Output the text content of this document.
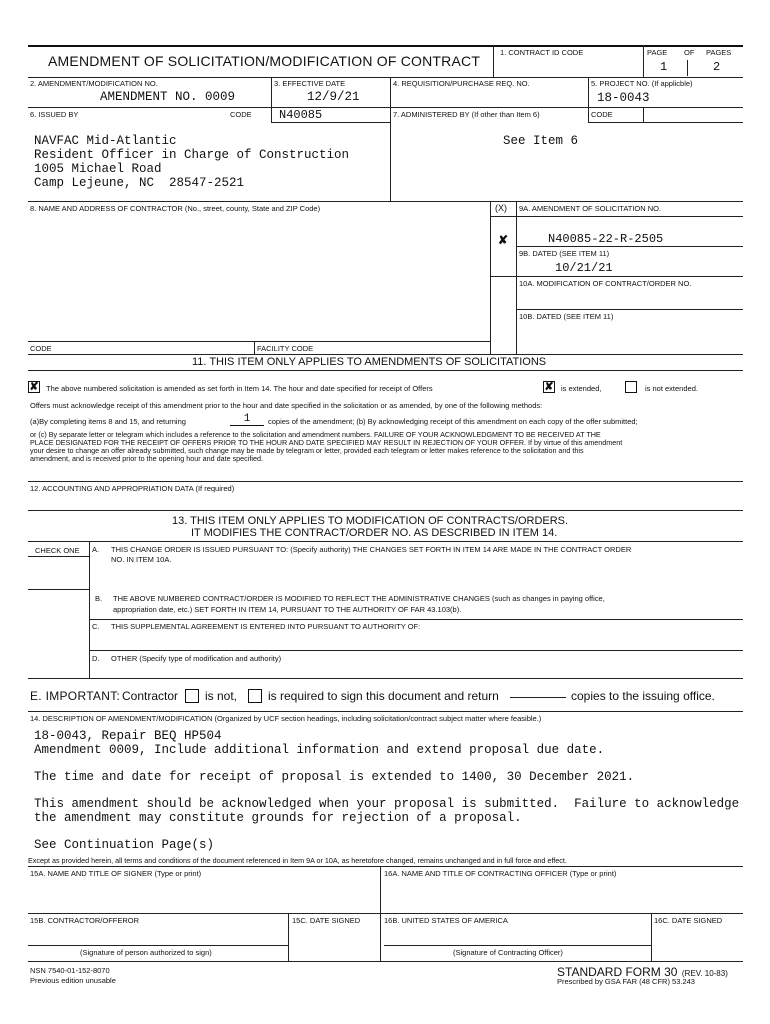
AMENDMENT OF SOLICITATION/MODIFICATION OF CONTRACT
1. CONTRACT ID CODE	PAGE OF PAGES
1	2
2. AMENDMENT/MODIFICATION NO.
AMENDMENT NO. 0009
3. EFFECTIVE DATE
12/9/21
4. REQUISITION/PURCHASE REQ. NO.	5. PROJECT NO. (If applicble)
18-0043
6. ISSUED BY	CODE N40085	7. ADMINISTERED BY (If other than Item 6)	CODE
NAVFAC Mid-Atlantic
Resident Officer in Charge of Construction
1005 Michael Road
Camp Lejeune, NC  28547-2521
See Item 6
8. NAME AND ADDRESS OF CONTRACTOR (No., street, county, State and ZIP Code)	(X) 9A. AMENDMENT OF SOLICITATION NO.
✘	N40085-22-R-2505
9B. DATED (SEE ITEM 11)
10/21/21
10A. MODIFICATION OF CONTRACT/ORDER NO.
10B. DATED (SEE ITEM 11)
CODE	FACILITY CODE
11. THIS ITEM ONLY APPLIES TO AMENDMENTS OF SOLICITATIONS
✘ The above numbered solicitation is amended as set forth in Item 14. The hour and date specified for receipt of Offers	✘ is extended,	is not extended.
Offers must acknowledge receipt of this amendment prior to the hour and date specified in the solicitation or as amended, by one of the following methods:
(a)By completing items 8 and 15, and returning	1	copies of the amendment; (b) By acknowledging receipt of this amendment on each copy of the offer submitted;
or (c) By separate letter or telegram which includes a reference to the solicitation and amendment numbers. FAILURE OF YOUR ACKNOWLEDGMENT TO BE RECEIVED AT THE
PLACE DESIGNATED FOR THE RECEIPT OF OFFERS PRIOR TO THE HOUR AND DATE SPECIFIED MAY RESULT IN REJECTION OF YOUR OFFER. If by virtue of this amendment
your desire to change an offer already submitted, such change may be made by telegram or letter, provided each telegram or letter makes reference to the solicitation and this
amendment, and is received prior to the opening hour and date specified.
12. ACCOUNTING AND APPROPRIATION DATA (If required)
13. THIS ITEM ONLY APPLIES TO MODIFICATION OF CONTRACTS/ORDERS.
IT MODIFIES THE CONTRACT/ORDER NO. AS DESCRIBED IN ITEM 14.
CHECK ONE A. THIS CHANGE ORDER IS ISSUED PURSUANT TO: (Specify authority) THE CHANGES SET FORTH IN ITEM 14 ARE MADE IN THE CONTRACT ORDER
NO. IN ITEM 10A.
B. THE ABOVE NUMBERED CONTRACT/ORDER IS MODIFIED TO REFLECT THE ADMINISTRATIVE CHANGES (such as changes in paying office,
appropriation date, etc.) SET FORTH IN ITEM 14, PURSUANT TO THE AUTHORITY OF FAR 43.103(b).
C. THIS SUPPLEMENTAL AGREEMENT IS ENTERED INTO PURSUANT TO AUTHORITY OF:
D. OTHER (Specify type of modification and authority)
E. IMPORTANT: Contractor is not,	is required to sign this document and return	copies to the issuing office.
14. DESCRIPTION OF AMENDMENT/MODIFICATION (Organized by UCF section headings, including solicitation/contract subject matter where feasible.)
18-0043, Repair BEQ HP504
Amendment 0009, Include additional information and extend proposal due date.
The time and date for receipt of proposal is extended to 1400, 30 December 2021.
This amendment should be acknowledged when your proposal is submitted.  Failure to acknowledge
the amendment may constitute grounds for rejection of a proposal.
See Continuation Page(s)
Except as provided herein, all terms and conditions of the document referenced in Item 9A or 10A, as heretofore changed, remains unchanged and in full force and effect.
15A. NAME AND TITLE OF SIGNER (Type or print)	16A. NAME AND TITLE OF CONTRACTING OFFICER (Type or print)
15B. CONTRACTOR/OFFEROR	15C. DATE SIGNED	16B. UNITED STATES OF AMERICA	16C. DATE SIGNED
(Signature of person authorized to sign)	(Signature of Contracting Officer)
NSN 7540-01-152-8070
Previous edition unusable
STANDARD FORM 30 (REV. 10-83)
Prescribed by GSA FAR (48 CFR) 53.243
